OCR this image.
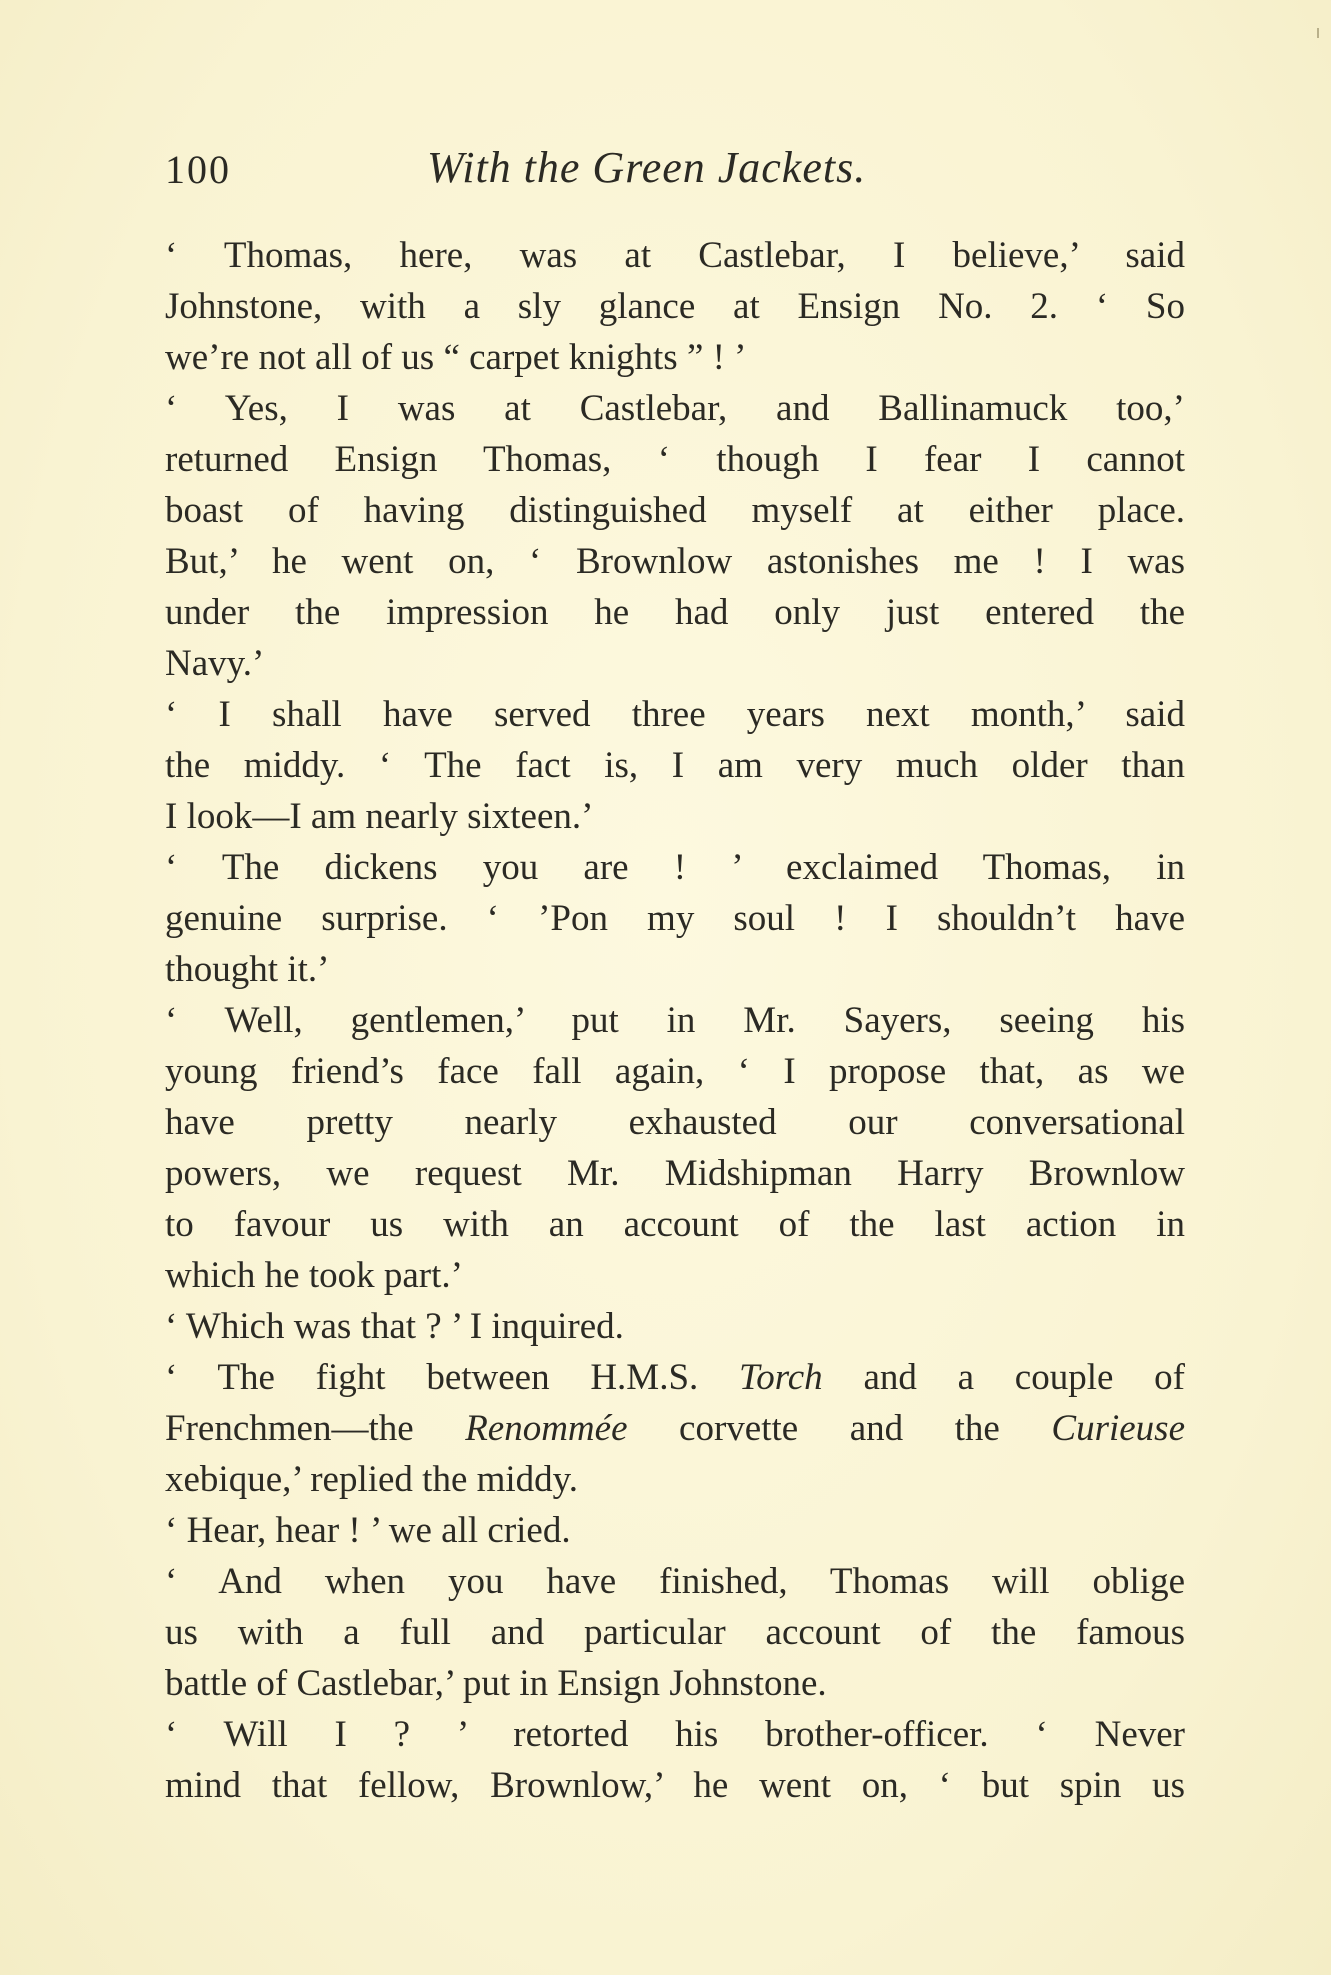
100	With the Green Jackets.
‘ Thomas, here, was at Castlebar, I believe,’ said
Johnstone, with a sly glance at Ensign No. 2. ‘ So
we’re not all of us “ carpet knights ” ! ’
‘ Yes, I was at Castlebar, and Ballinamuck too,’
returned Ensign Thomas, ‘ though I fear I cannot
boast of having distinguished myself at either place.
But,’ he went on, ‘ Brownlow astonishes me ! I was
under the impression he had only just entered the
Navy.’
‘ I shall have served three years next month,’ said
the middy. ‘ The fact is, I am very much older than
I look—I am nearly sixteen.’
‘ The dickens you are ! ’ exclaimed Thomas, in
genuine surprise. ‘ ’Pon my soul ! I shouldn’t have
thought it.’
‘ Well, gentlemen,’ put in Mr. Sayers, seeing his
young friend’s face fall again, ‘ I propose that, as we
have pretty nearly exhausted our conversational
powers, we request Mr. Midshipman Harry Brownlow
to favour us with an account of the last action in
which he took part.’
‘ Which was that ? ’ I inquired.
‘ The fight between H.M.S. Torch and a couple of
Frenchmen—the Renommée corvette and the Curieuse
xebique,’ replied the middy.
‘ Hear, hear ! ’ we all cried.
‘ And when you have finished, Thomas will oblige
us with a full and particular account of the famous
battle of Castlebar,’ put in Ensign Johnstone.
‘ Will I ? ’ retorted his brother-officer. ‘ Never
mind that fellow, Brownlow,’ he went on, ‘ but spin us
